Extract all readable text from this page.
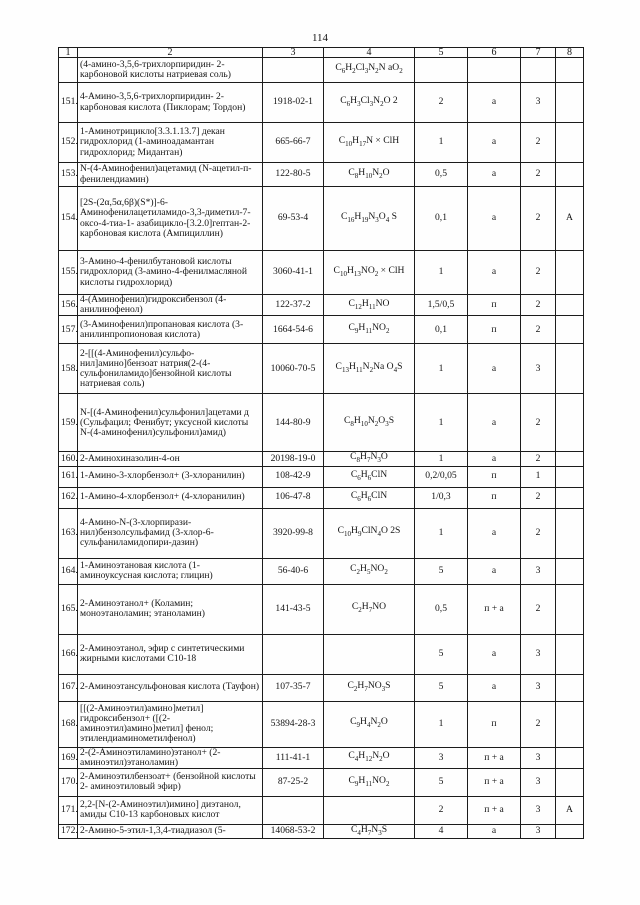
114
1	2	3	4	5	6	7	8
	(4-амино-3,5,6-трихлорпиридин- 2-карбоновой кислоты натриевая соль)		$C_6H_2Cl_3N_2N$ $aO_2$				
151.	4-Амино-3,5,6-трихлорпиридин- 2-карбоновая кислота (Пиклорам; Тордон)	1918-02-1	$C_6H_3Cl_3N_2O$ 2	2	а	3	
152.	1-Аминотрицикло[3.3.1.13.7] декан гидрохлорид (1-аминоадамантан гидрохлорид; Мидантан)	665-66-7	$C_{10}H_{17}N$ × ClH	1	а	2	
153.	N-(4-Аминофенил)ацетамид (N-ацетил-п-фенилендиамин)	122-80-5	$C_8H_{10}N_2O$	0,5	а	2	
154.	[2S-(2α,5α,6β)(S*)]-6-Аминофенилацетиламидо-3,3-диметил-7-оксо-4-тиа-1- азабицикло-[3.2.0]гептан-2- карбоновая кислота (Ампициллин)	69-53-4	$C_{16}H_{19}N_3O_4$ S	0,1	а	2	А
155.	3-Амино-4-фенилбутановой кислоты гидрохлорид (3-амино-4-фенилмасляной кислоты гидрохлорид)	3060-41-1	$C_{10}H_{13}NO_2$ × ClH	1	а	2	
156.	4-(Аминофенил)гидроксибензол (4-анилинофенол)	122-37-2	$C_{12}H_{11}NO$	1,5/0,5	п	2	
157.	(3-Аминофенил)пропановая кислота (3-анилинпропионовая кислота)	1664-54-6	$C_9H_{11}NO_2$	0,1	п	2	
158.	2-[[(4-Аминофенил)сульфо-нил]амино]бензоат натрия(2-(4-сульфониламидо]бензойной кислоты натриевая соль)	10060-70-5	$C_{13}H_{11}N_2Na$ $O_4S$	1	а	3	
159.	N-[(4-Аминофенил)сульфонил]ацетами д (Сульфацил; Фенибут; уксусной кислоты N-(4-аминофенил)сульфонил)амид)	144-80-9	$C_8H_{10}N_2O_3S$	1	а	2	
160.	2-Аминохиназолин-4-он	20198-19-0	$C_8H_7N_3O$	1	а	2	
161.	1-Амино-3-хлорбензол+ (3-хлоранилин)	108-42-9	$C_6H_6ClN$	0,2/0,05	п	1	
162.	1-Амино-4-хлорбензол+ (4-хлоранилин)	106-47-8	$C_6H_6ClN$	1/0,3	п	2	
163.	4-Амино-N-(3-хлорпирази-нил)бензолсульфамид (3-хлор-6-сульфаниламидопири-дазин)	3920-99-8	$C_{10}H_9ClN_4O$ 2S	1	а	2	
164.	1-Аминоэтановая кислота (1-аминоуксусная кислота; глицин)	56-40-6	$C_2H_5NO_2$	5	а	3	
165.	2-Аминоэтанол+ (Коламин; моноэтаноламин; этаноламин)	141-43-5	$C_2H_7NO$	0,5	п + а	2	
166.	2-Аминоэтанол, эфир с синтетическими жирными кислотами C10-18			5	а	3	
167.	2-Аминоэтансульфоновая кислота (Тауфон)	107-35-7	$C_2H_7NO_3S$	5	а	3	
168.	[[(2-Аминоэтил)амино]метил] гидроксибензол+ ([(2-аминоэтил)амино]метил] фенол; этилендиаминометилфенол)	53894-28-3	$C_9H_4N_2O$	1	п	2	
169.	2-(2-Аминоэтиламино)этанол+ (2-аминоэтил)этаноламин)	111-41-1	$C_4H_{12}N_2O$	3	п + а	3	
170.	2-Аминоэтилбензоат+ (бензойной кислоты 2- аминоэтиловый эфир)	87-25-2	$C_9H_{11}NO_2$	5	п + а	3	
171.	2,2-[N-(2-Аминоэтил)имино] диэтанол, амиды C10-13 карбоновых кислот			2	п + а	3	А
172.	2-Амино-5-этил-1,3,4-тиадиазол (5-	14068-53-2	$C_4H_7N_3S$	4	а	3	
